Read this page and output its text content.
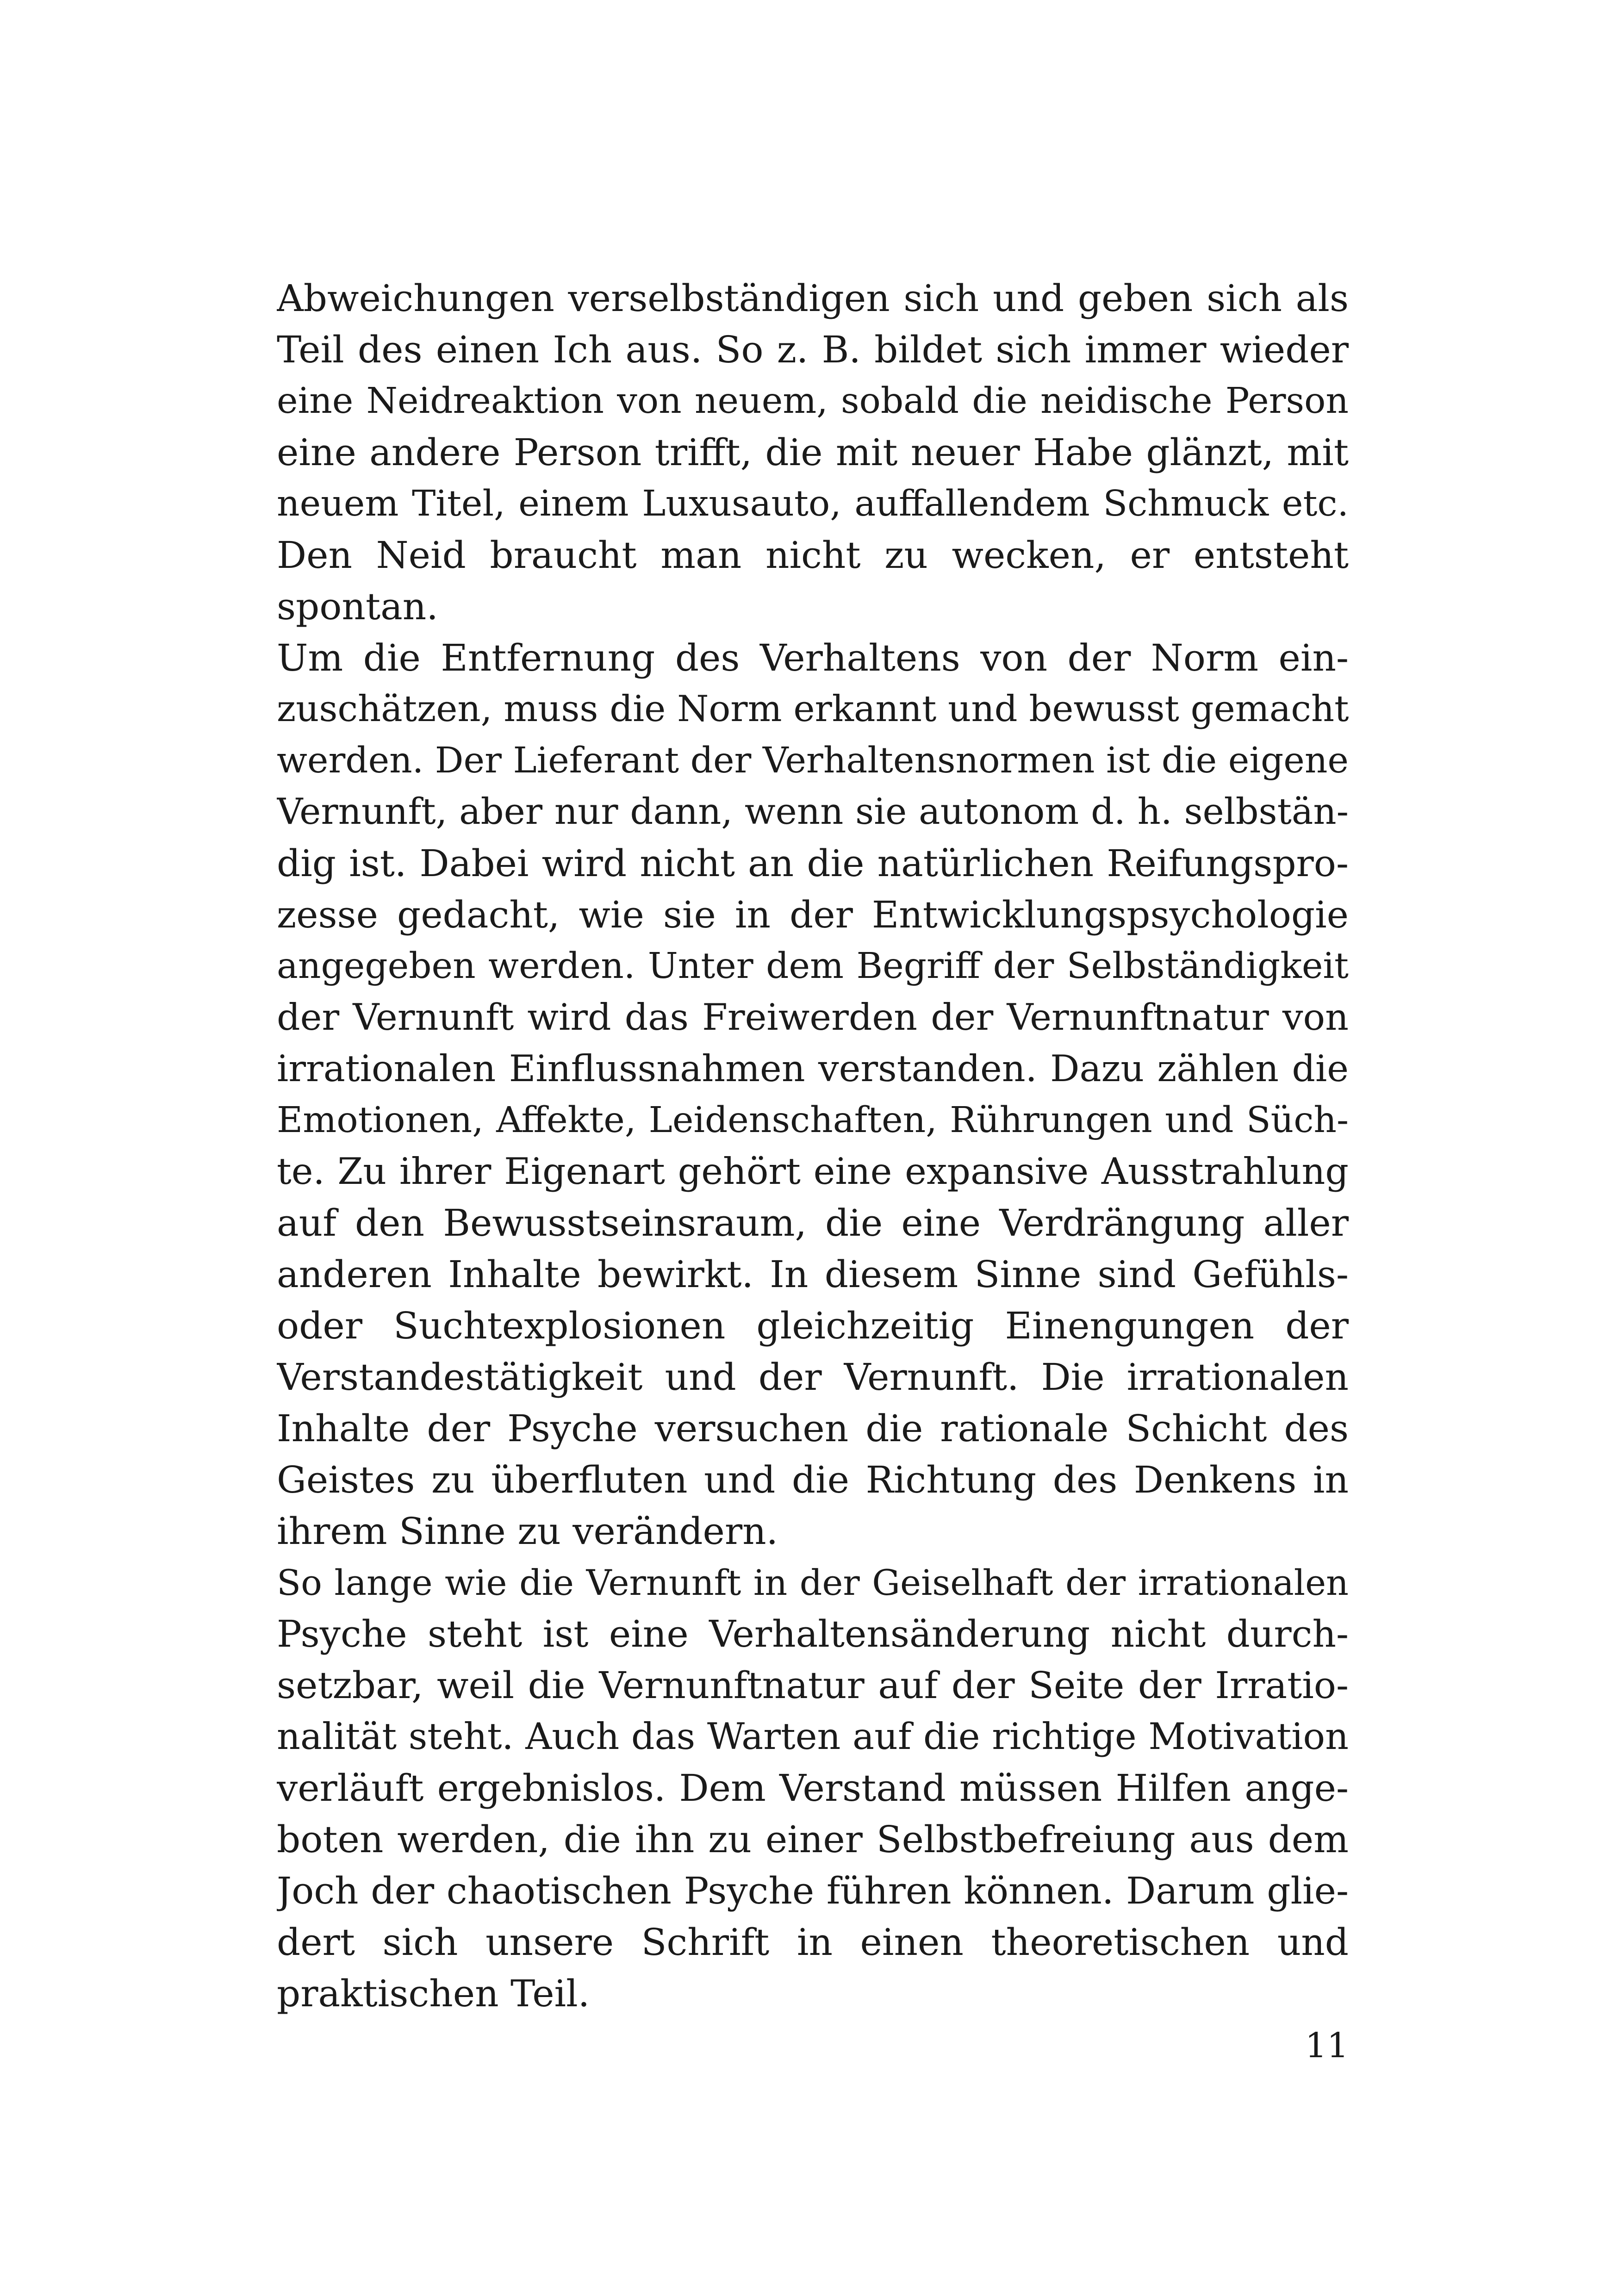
Abweichungen verselbständigen sich und geben sich als
Teil des einen Ich aus. So z. B. bildet sich immer wieder
eine Neidreaktion von neuem, sobald die neidische Person
eine andere Person trifft, die mit neuer Habe glänzt, mit
neuem Titel, einem Luxusauto, auffallendem Schmuck etc.
Den Neid braucht man nicht zu wecken, er entsteht
spontan.
Um die Entfernung des Verhaltens von der Norm ein-
zuschätzen, muss die Norm erkannt und bewusst gemacht
werden. Der Lieferant der Verhaltensnormen ist die eigene
Vernunft, aber nur dann, wenn sie autonom d. h. selbstän-
dig ist. Dabei wird nicht an die natürlichen Reifungspro-
zesse gedacht, wie sie in der Entwicklungspsychologie
angegeben werden. Unter dem Begriff der Selbständigkeit
der Vernunft wird das Freiwerden der Vernunftnatur von
irrationalen Einflussnahmen verstanden. Dazu zählen die
Emotionen, Affekte, Leidenschaften, Rührungen und Süch-
te. Zu ihrer Eigenart gehört eine expansive Ausstrahlung
auf den Bewusstseinsraum, die eine Verdrängung aller
anderen Inhalte bewirkt. In diesem Sinne sind Gefühls-
oder Suchtexplosionen gleichzeitig Einengungen der
Verstandestätigkeit und der Vernunft. Die irrationalen
Inhalte der Psyche versuchen die rationale Schicht des
Geistes zu überfluten und die Richtung des Denkens in
ihrem Sinne zu verändern.
So lange wie die Vernunft in der Geiselhaft der irrationalen
Psyche steht ist eine Verhaltensänderung nicht durch-
setzbar, weil die Vernunftnatur auf der Seite der Irratio-
nalität steht. Auch das Warten auf die richtige Motivation
verläuft ergebnislos. Dem Verstand müssen Hilfen ange-
boten werden, die ihn zu einer Selbstbefreiung aus dem
Joch der chaotischen Psyche führen können. Darum glie-
dert sich unsere Schrift in einen theoretischen und
praktischen Teil.
11
